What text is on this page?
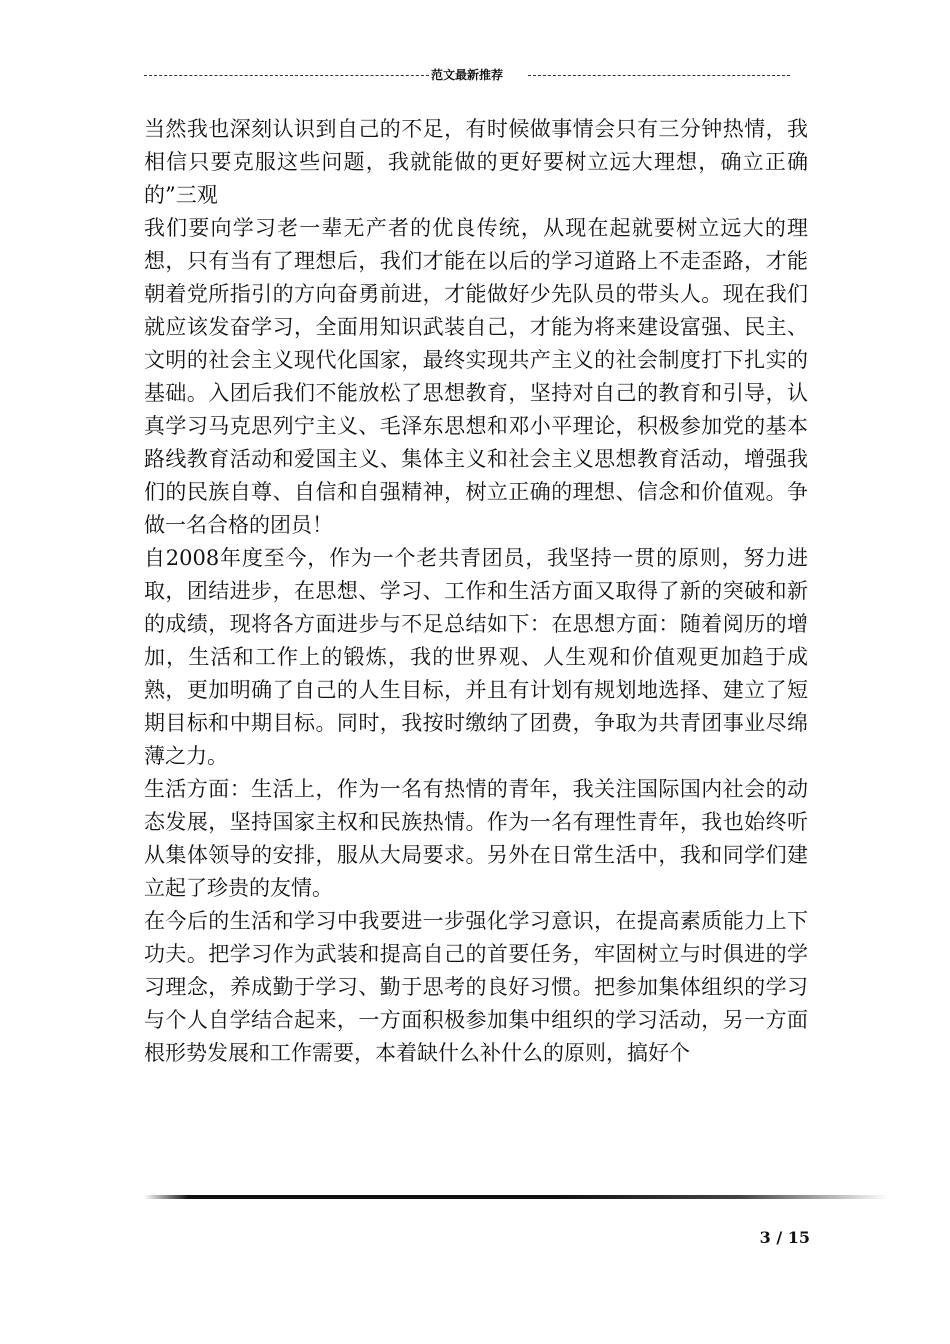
范文最新推荐

当然我也深刻认识到自己的不足，有时候做事情会只有三分钟热情，我相信只要克服这些问题，我就能做的更好要树立远大理想，确立正确的”三观

我们要向学习老一辈无产者的优良传统，从现在起就要树立远大的理想，只有当有了理想后，我们才能在以后的学习道路上不走歪路，才能朝着党所指引的方向奋勇前进，才能做好少先队员的带头人。现在我们就应该发奋学习，全面用知识武装自己，才能为将来建设富强、民主、文明的社会主义现代化国家，最终实现共产主义的社会制度打下扎实的基础。入团后我们不能放松了思想教育，坚持对自己的教育和引导，认真学习马克思列宁主义、毛泽东思想和邓小平理论，积极参加党的基本路线教育活动和爱国主义、集体主义和社会主义思想教育活动，增强我们的民族自尊、自信和自强精神，树立正确的理想、信念和价值观。争做一名合格的团员！

自2008年度至今，作为一个老共青团员，我坚持一贯的原则，努力进取，团结进步，在思想、学习、工作和生活方面又取得了新的突破和新的成绩，现将各方面进步与不足总结如下：在思想方面：随着阅历的增加，生活和工作上的锻炼，我的世界观、人生观和价值观更加趋于成熟，更加明确了自己的人生目标，并且有计划有规划地选择、建立了短期目标和中期目标。同时，我按时缴纳了团费，争取为共青团事业尽绵薄之力。

生活方面：生活上，作为一名有热情的青年，我关注国际国内社会的动态发展，坚持国家主权和民族热情。作为一名有理性青年，我也始终听从集体领导的安排，服从大局要求。另外在日常生活中，我和同学们建立起了珍贵的友情。

在今后的生活和学习中我要进一步强化学习意识，在提高素质能力上下功夫。把学习作为武装和提高自己的首要任务，牢固树立与时俱进的学习理念，养成勤于学习、勤于思考的良好习惯。把参加集体组织的学习与个人自学结合起来，一方面积极参加集中组织的学习活动，另一方面根形势发展和工作需要，本着缺什么补什么的原则，搞好个

3 / 15
